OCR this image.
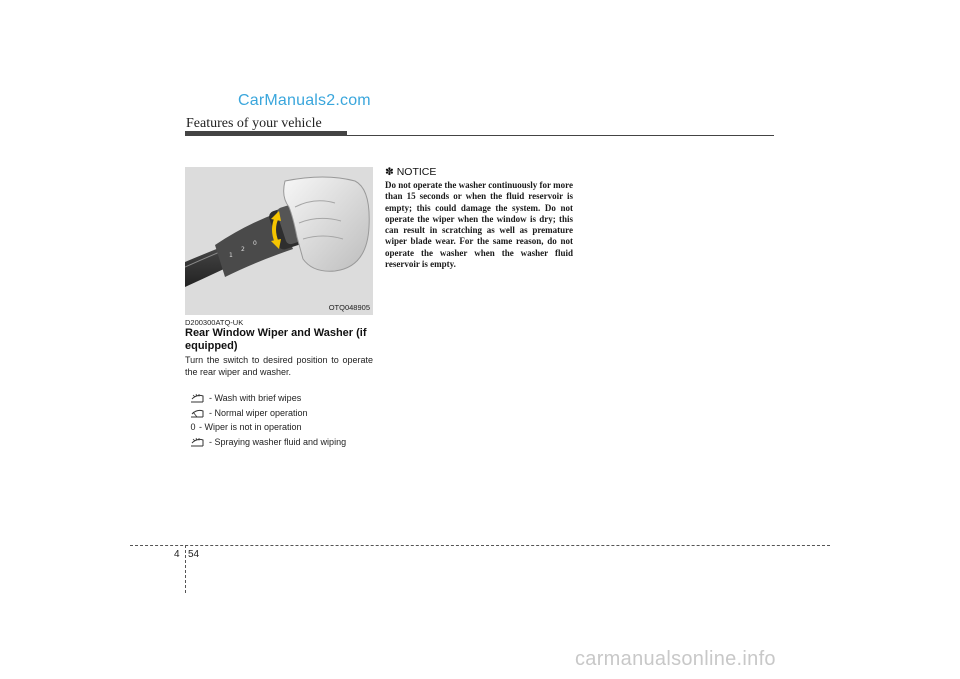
CarManuals2.com
Features of your vehicle
1
2
0
OTQ048905
D200300ATQ-UK
Rear Window Wiper and Washer (if equipped)
Turn the switch to desired position to operate the rear wiper and washer.
- Wash with brief wipes
- Normal wiper operation
0 - Wiper is not in operation
- Spraying washer fluid and wiping
✽ NOTICE
Do not operate the washer continuously for more than 15 seconds or when the fluid reservoir is empty; this could damage the system. Do not operate the wiper when the window is dry; this can result in scratching as well as premature wiper blade wear. For the same reason, do not operate the washer when the washer fluid reservoir is empty.
4 54
carmanualsonline.info
